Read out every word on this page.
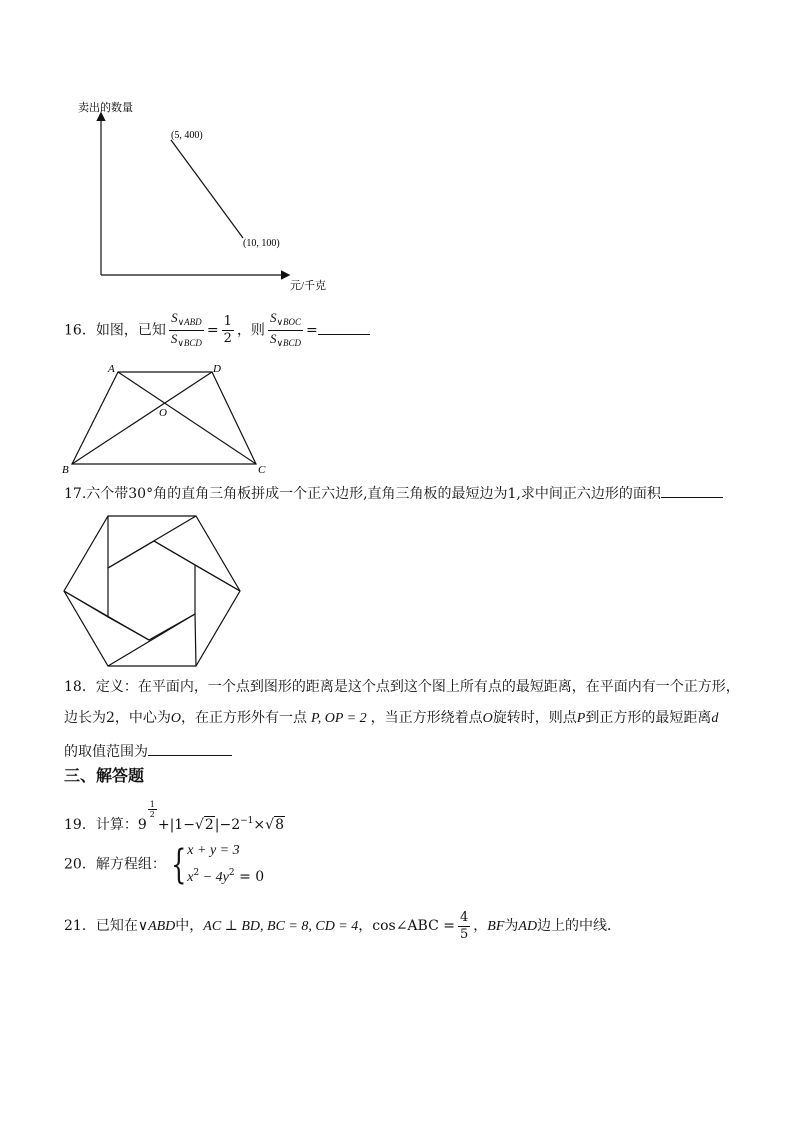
卖出的数量
元/千克
(5, 400)
(10, 100)
16．如图，已知 $\frac{S_{\vee ABD}}{S_{\vee BCD}} = \frac{1}{2}$ ，则 $\frac{S_{\vee BOC}}{S_{\vee BCD}}$ =
A	D
O
B	C
17.六个带30°角的直角三角板拼成一个正六边形,直角三角板的最短边为1,求中间正六边形的面积
18．定义：在平面内，一个点到图形的距离是这个点到这个图上所有点的最短距离，在平面内有一个正方形，
边长为2，中心为O，在正方形外有一点 P, OP = 2 ，当正方形绕着点O旋转时，则点P到正方形的最短距离d
的取值范围为
三、解答题
19．计算：9
$\frac{1}{2}$
$+|1-√2|-2^{-1}\times√8$
20．解方程组： { x + y = 3
$x^2 - 4y^2 = 0$
21．已知在∨ABD中，AC ⊥ BD, BC = 8, CD = 4，cos∠ABC = $\frac{4}{5}$ ，BF为AD边上的中线．
